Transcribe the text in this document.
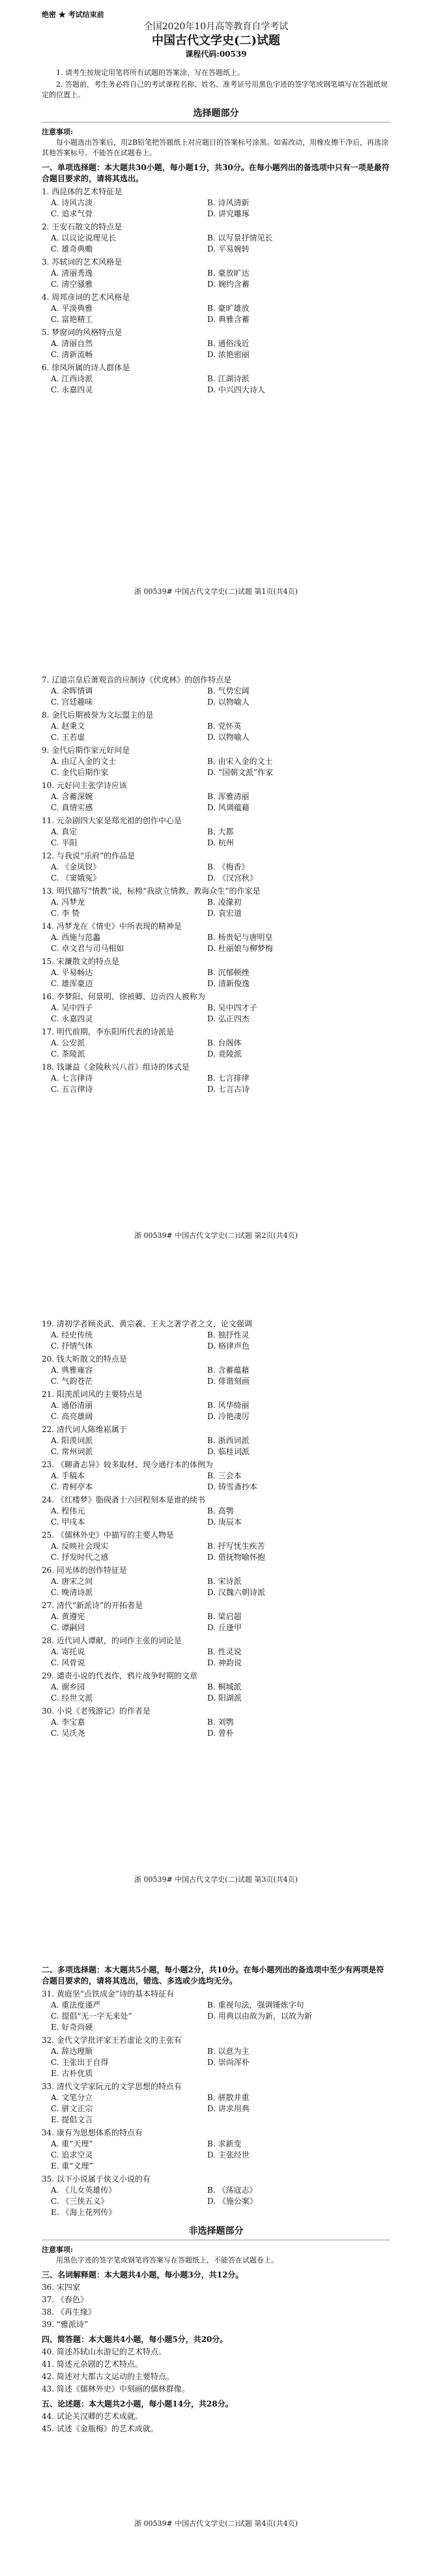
绝密 ★ 考试结束前
全国2020年10月高等教育自学考试
中国古代文学史(二)试题
课程代码:00539
1. 请考生按规定用笔将所有试题的答案涂、写在答题纸上。
2. 答题前，考生务必将自己的考试课程名称、姓名、准考证号用黑色字迹的签字笔或钢笔填写在答题纸规定的位置上。
选择题部分
注意事项:
每小题选出答案后，用2B铅笔把答题纸上对应题目的答案标号涂黑。如需改动，用橡皮擦干净后，再选涂其他答案标号。不能答在试题卷上。
一、单项选择题：本大题共30小题，每小题1分，共30分。在每小题列出的备选项中只有一项是最符合题目要求的，请将其选出。
1. 西昆体的艺术特征是
A. 诗风古淡	B. 诗风清新
C. 追求气骨	D. 讲究雕琢
2. 王安石散文的特点是
A. 以议论说理见长	B. 以写景抒情见长
C. 雄奇典赡	D. 平易婉转
3. 苏轼词的艺术风格是
A. 清丽秀逸	B. 豪放旷达
C. 清空骚雅	D. 婉约含蓄
4. 周邦彦词的艺术风格是
A. 平淡典雅	B. 豪旷雄放
C. 富艳精工	D. 典雅含蓄
5. 梦窗词的风格特点是
A. 清丽自然	B. 通俗浅近
C. 清新流畅	D. 浓艳密丽
6. 徐凤所属的诗人群体是
A. 江西诗派	B. 江湖诗派
C. 永嘉四灵	D. 中兴四大诗人
浙 00539# 中国古代文学史(二)试题 第1页(共4页)
7. 辽道宗皇后萧观音的应制诗《伏虎林》的创作特点是
A. 余晖情调	B. 气势宏阔
C. 宫廷趣味	D. 以物喻人
8. 金代后期被誉为文坛盟主的是
A. 赵秉文	B. 党怀英
C. 王若虚	D. 以物喻人
9. 金代后期作家元好问是
A. 由辽入金的文士	B. 由宋入金的文士
C. 金代后期作家	D. “国朝文派”作家
10. 元好问主张学诗应该
A. 含蓄深婉	B. 浑雅清丽
C. 真情实感	D. 风调蕴藉
11. 元杂剧四大家是郑光祖的创作中心是
A. 真定	B. 大都
C. 平阳	D. 杭州
12. 与我说“乐府”的作品是
A. 《金凤钗》	B. 《梅香》
C. 《窦娥冤》	D. 《汉宫秋》
13. 明代描写“情教”说，标榜“我欲立情教，教诲众生”的作家是
A. 冯梦龙	B. 凌濛初
C. 李 贽	D. 袁宏道
14. 冯梦龙在《情史》中所表现的精神是
A. 西施与范蠡	B. 杨贵妃与唐明皇
C. 卓文君与司马相如	D. 杜丽娘与柳梦梅
15. 宋濂散文的特点是
A. 平易畅达	B. 沉郁顿挫
C. 雄浑豪迈	D. 清新俊逸
16. 李梦阳、何景明、徐祯卿、边贡四人被称为
A. 吴中四子	B. 吴中四才子
C. 永嘉四灵	D. 弘正四杰
17. 明代前期，李东阳所代表的诗派是
A. 公安派	B. 台阁体
C. 茶陵派	D. 竟陵派
18. 钱谦益《金陵秋兴八首》组诗的体式是
A. 七言律诗	B. 七言排律
C. 五言律诗	D. 七言古诗
浙 00539# 中国古代文学史(二)试题 第2页(共4页)
19. 清初学者顾炎武、黄宗羲、王夫之著学者之文，论文强调
A. 经史传统	B. 独抒性灵
C. 抒情气体	D. 格律声色
20. 钱大昕散文的特点是
A. 典雅雍容	B. 含蓄蕴藉
C. 气韵苍茫	D. 俳谐刻画
21. 阳羡派词风的主要特点是
A. 通俗清丽	B. 风华绮丽
C. 高亮雄阔	D. 冷艳凄厉
22. 清代词人陈维崧属于
A. 阳羡词派	B. 浙西词派
C. 常州词派	D. 临桂词派
23. 《聊斋志异》较多取材、现今通行本的体例为
A. 手稿本	B. 三会本
C. 青柯亭本	D. 铸雪斋抄本
24. 《红楼梦》脂砚斋十六回程刻本是谁的续书
A. 程伟元	B. 高鹗
C. 甲戌本	D. 庚辰本
25. 《儒林外史》中描写的主要人物是
A. 反映社会现实	B. 抒写忧生疾苦
C. 抒发时代之感	D. 借抚物喻怀抱
26. 同光体的创作特征是
A. 唐宋之间	B. 宋诗派
C. 晚清诗派	D. 汉魏六朝诗派
27. 清代“新派诗”的开拓者是
A. 黄遵宪	B. 梁启超
C. 谭嗣同	D. 丘逢甲
28. 近代词人谭献，的词作主张的词论是
A. 寄托说	B. 性灵说
C. 风骨说	D. 神韵说
29. 谴责小说的代表作，鸦片战争时期的文章
A. 谢乡园	B. 桐城派
C. 经世文派	D. 阳湖派
30. 小说《老残游记》的作者是
A. 李宝嘉	B. 刘鹗
C. 吴沃尧	D. 曾朴
浙 00539# 中国古代文学史(二)试题 第3页(共4页)
二、多项选择题：本大题共5小题，每小题2分，共10分。在每小题列出的备选项中至少有两项是符合题目要求的，请将其选出，错选、多选或少选均无分。
31. 黄庭坚“点铁成金”诗的基本特征有
A. 重法度谨严	B. 重视句法，强调锤炼字句
C. 提倡“无一字无来处”	D. 用典以由故为新，以故为新
E. 好奇尚硬
32. 金代文学批评家王若虚论文的主张有
A. 辞达理顺	B. 以意为主
C. 主张出于自得	D. 崇尚浑朴
E. 古朴优质
33. 清代文学家阮元的文学思想的特点有
A. 文笔分立	B. 骈散并重
C. 骈文正宗	D. 讲求用典
E. 提倡文言
34. 康有为思想体系的特点有
A. 重“天理”	B. 求新变
C. 追求空灵	D. 主张经世
E. 重“义理”
35. 以下小说属于侠义小说的有
A. 《儿女英雄传》	B. 《荡寇志》
C. 《三侠五义》	D. 《施公案》
E. 《海上花列传》
非选择题部分
注意事项:
用黑色字迹的签字笔或钢笔将答案写在答题纸上，不能答在试题卷上。
三、名词解释题：本大题共4小题，每小题3分，共12分。
36. 宋四家
37. 《春色》
38. 《再生缘》
39. “雅派诗”
四、简答题：本大题共4小题，每小题5分，共20分。
40. 简述苏轼山水游记的艺术特点。
41. 简述元杂剧的艺术特点。
42. 简述对大都古文运动的主要特点。
43. 简述《儒林外史》中刻画的儒林群像。
五、论述题：本大题共2小题，每小题14分，共28分。
44. 试论关汉卿的艺术成就。
45. 试述《金瓶梅》的艺术成就。
浙 00539# 中国古代文学史(二)试题 第4页(共4页)
